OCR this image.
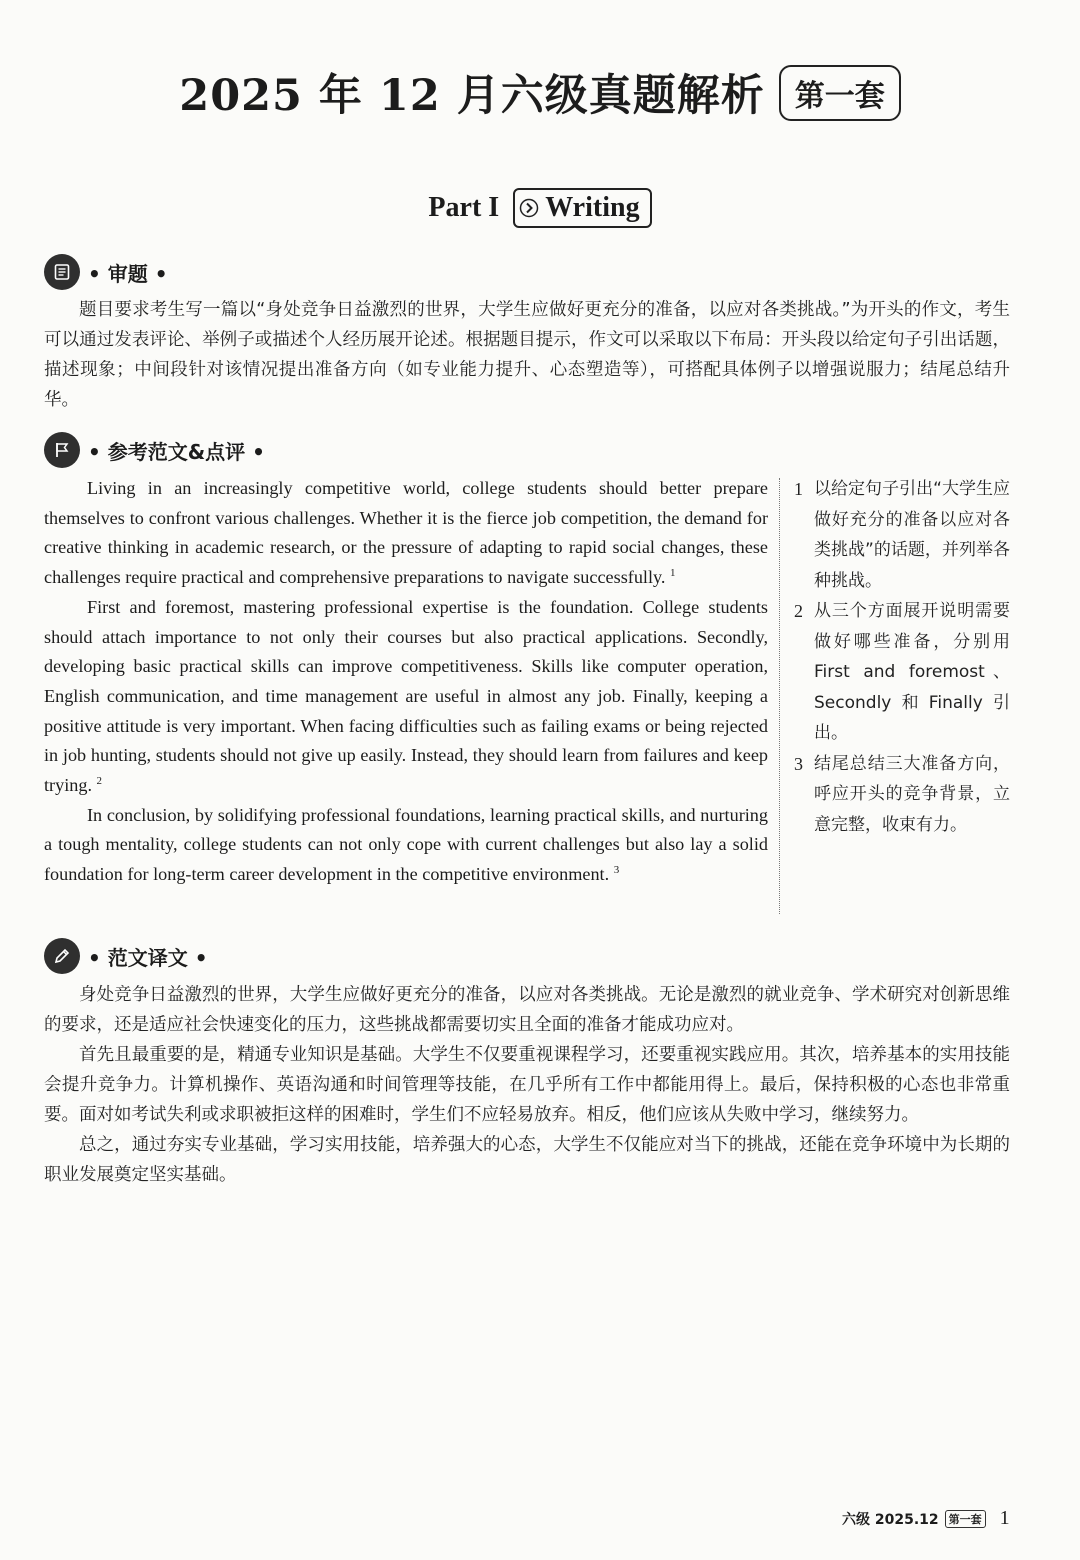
2025 年 12 月六级真题解析	第一套
Part I Writing
• 审题 •

题目要求考生写一篇以“身处竞争日益激烈的世界，大学生应做好更充分的准备，以应对各类挑战。”为开头的作文，考生可以通过发表评论、举例子或描述个人经历展开论述。根据题目提示，作文可以采取以下布局：开头段以给定句子引出话题，描述现象；中间段针对该情况提出准备方向（如专业能力提升、心态塑造等），可搭配具体例子以增强说服力；结尾总结升华。

• 参考范文&点评 •

Living in an increasingly competitive world, college students should better prepare themselves to confront various challenges. Whether it is the fierce job competition, the demand for creative thinking in academic research, or the pressure of adapting to rapid social changes, these challenges require practical and comprehensive preparations to navigate successfully. $^1$

First and foremost, mastering professional expertise is the foundation. College students should attach importance to not only their courses but also practical applications. Secondly, developing basic practical skills can improve competitiveness. Skills like computer operation, English communication, and time management are useful in almost any job. Finally, keeping a positive attitude is very important. When facing difficulties such as failing exams or being rejected in job hunting, students should not give up easily. Instead, they should learn from failures and keep trying. $^2$

In conclusion, by solidifying professional foundations, learning practical skills, and nurturing a tough mentality, college students can not only cope with current challenges but also lay a solid foundation for long-term career development in the competitive environment. $^3$

1 以给定句子引出“大学生应做好充分的准备以应对各类挑战”的话题，并列举各种挑战。
2 从三个方面展开说明需要做好哪些准备，分别用First and foremost、Secondly和Finally引出。
3 结尾总结三大准备方向，呼应开头的竞争背景，立意完整，收束有力。
• 范文译文 •

身处竞争日益激烈的世界，大学生应做好更充分的准备，以应对各类挑战。无论是激烈的就业竞争、学术研究对创新思维的要求，还是适应社会快速变化的压力，这些挑战都需要切实且全面的准备才能成功应对。

首先且最重要的是，精通专业知识是基础。大学生不仅要重视课程学习，还要重视实践应用。其次，培养基本的实用技能会提升竞争力。计算机操作、英语沟通和时间管理等技能，在几乎所有工作中都能用得上。最后，保持积极的心态也非常重要。面对如考试失利或求职被拒这样的困难时，学生们不应轻易放弃。相反，他们应该从失败中学习，继续努力。

总之，通过夯实专业基础，学习实用技能，培养强大的心态，大学生不仅能应对当下的挑战，还能在竞争环境中为长期的职业发展奠定坚实基础。

六级 2025.12 第一套 1
